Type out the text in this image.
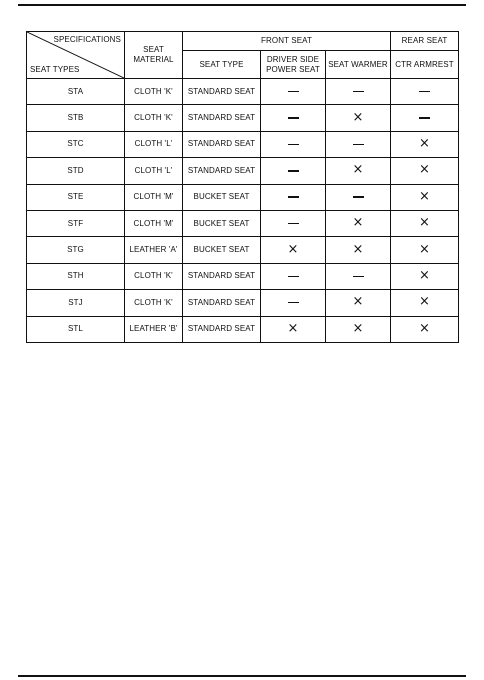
SPECIFICATIONS
SEAT TYPES	SEAT MATERIAL	FRONT SEAT			REAR SEAT
		SEAT TYPE	DRIVER SIDE POWER SEAT	SEAT WARMER	CTR ARMREST
STA	CLOTH 'K'	STANDARD SEAT			
STB	CLOTH 'K'	STANDARD SEAT		×	
STC	CLOTH 'L'	STANDARD SEAT			×
STD	CLOTH 'L'	STANDARD SEAT		×	×
STE	CLOTH 'M'	BUCKET SEAT			×
STF	CLOTH 'M'	BUCKET SEAT		×	×
STG	LEATHER 'A'	BUCKET SEAT	×	×	×
STH	CLOTH 'K'	STANDARD SEAT			×
STJ	CLOTH 'K'	STANDARD SEAT		×	×
STL	LEATHER 'B'	STANDARD SEAT	×	×	×
